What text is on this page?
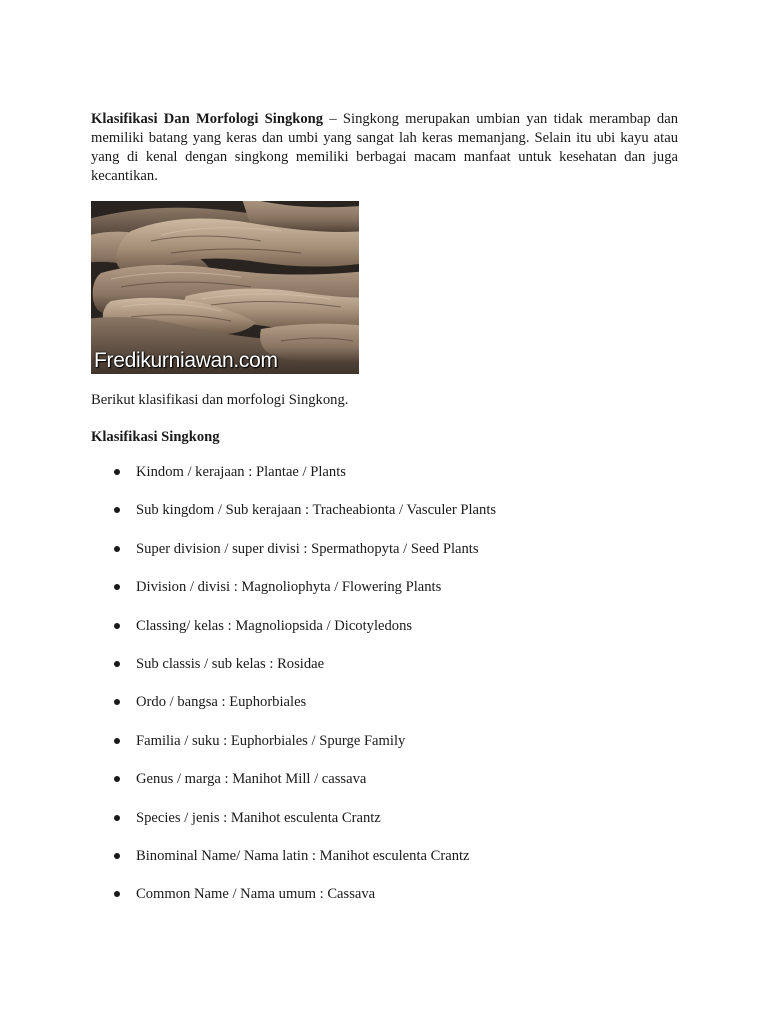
Klasifikasi Dan Morfologi Singkong – Singkong merupakan umbian yan tidak merambap dan memiliki batang yang keras dan umbi yang sangat lah keras memanjang. Selain itu ubi kayu atau yang di kenal dengan singkong memiliki berbagai macam manfaat untuk kesehatan dan juga kecantikan.

Fredikurniawan.com

Berikut klasifikasi dan morfologi Singkong.

Klasifikasi Singkong
Kindom / kerajaan : Plantae / Plants
Sub kingdom / Sub kerajaan : Tracheabionta / Vasculer Plants
Super division / super divisi : Spermathopyta / Seed Plants
Division / divisi : Magnoliophyta / Flowering Plants
Classing/ kelas : Magnoliopsida / Dicotyledons
Sub classis / sub kelas : Rosidae
Ordo / bangsa : Euphorbiales
Familia / suku : Euphorbiales / Spurge Family
Genus / marga : Manihot Mill / cassava
Species / jenis : Manihot esculenta Crantz
Binominal Name/ Nama latin : Manihot esculenta Crantz
Common Name / Nama umum : Cassava
